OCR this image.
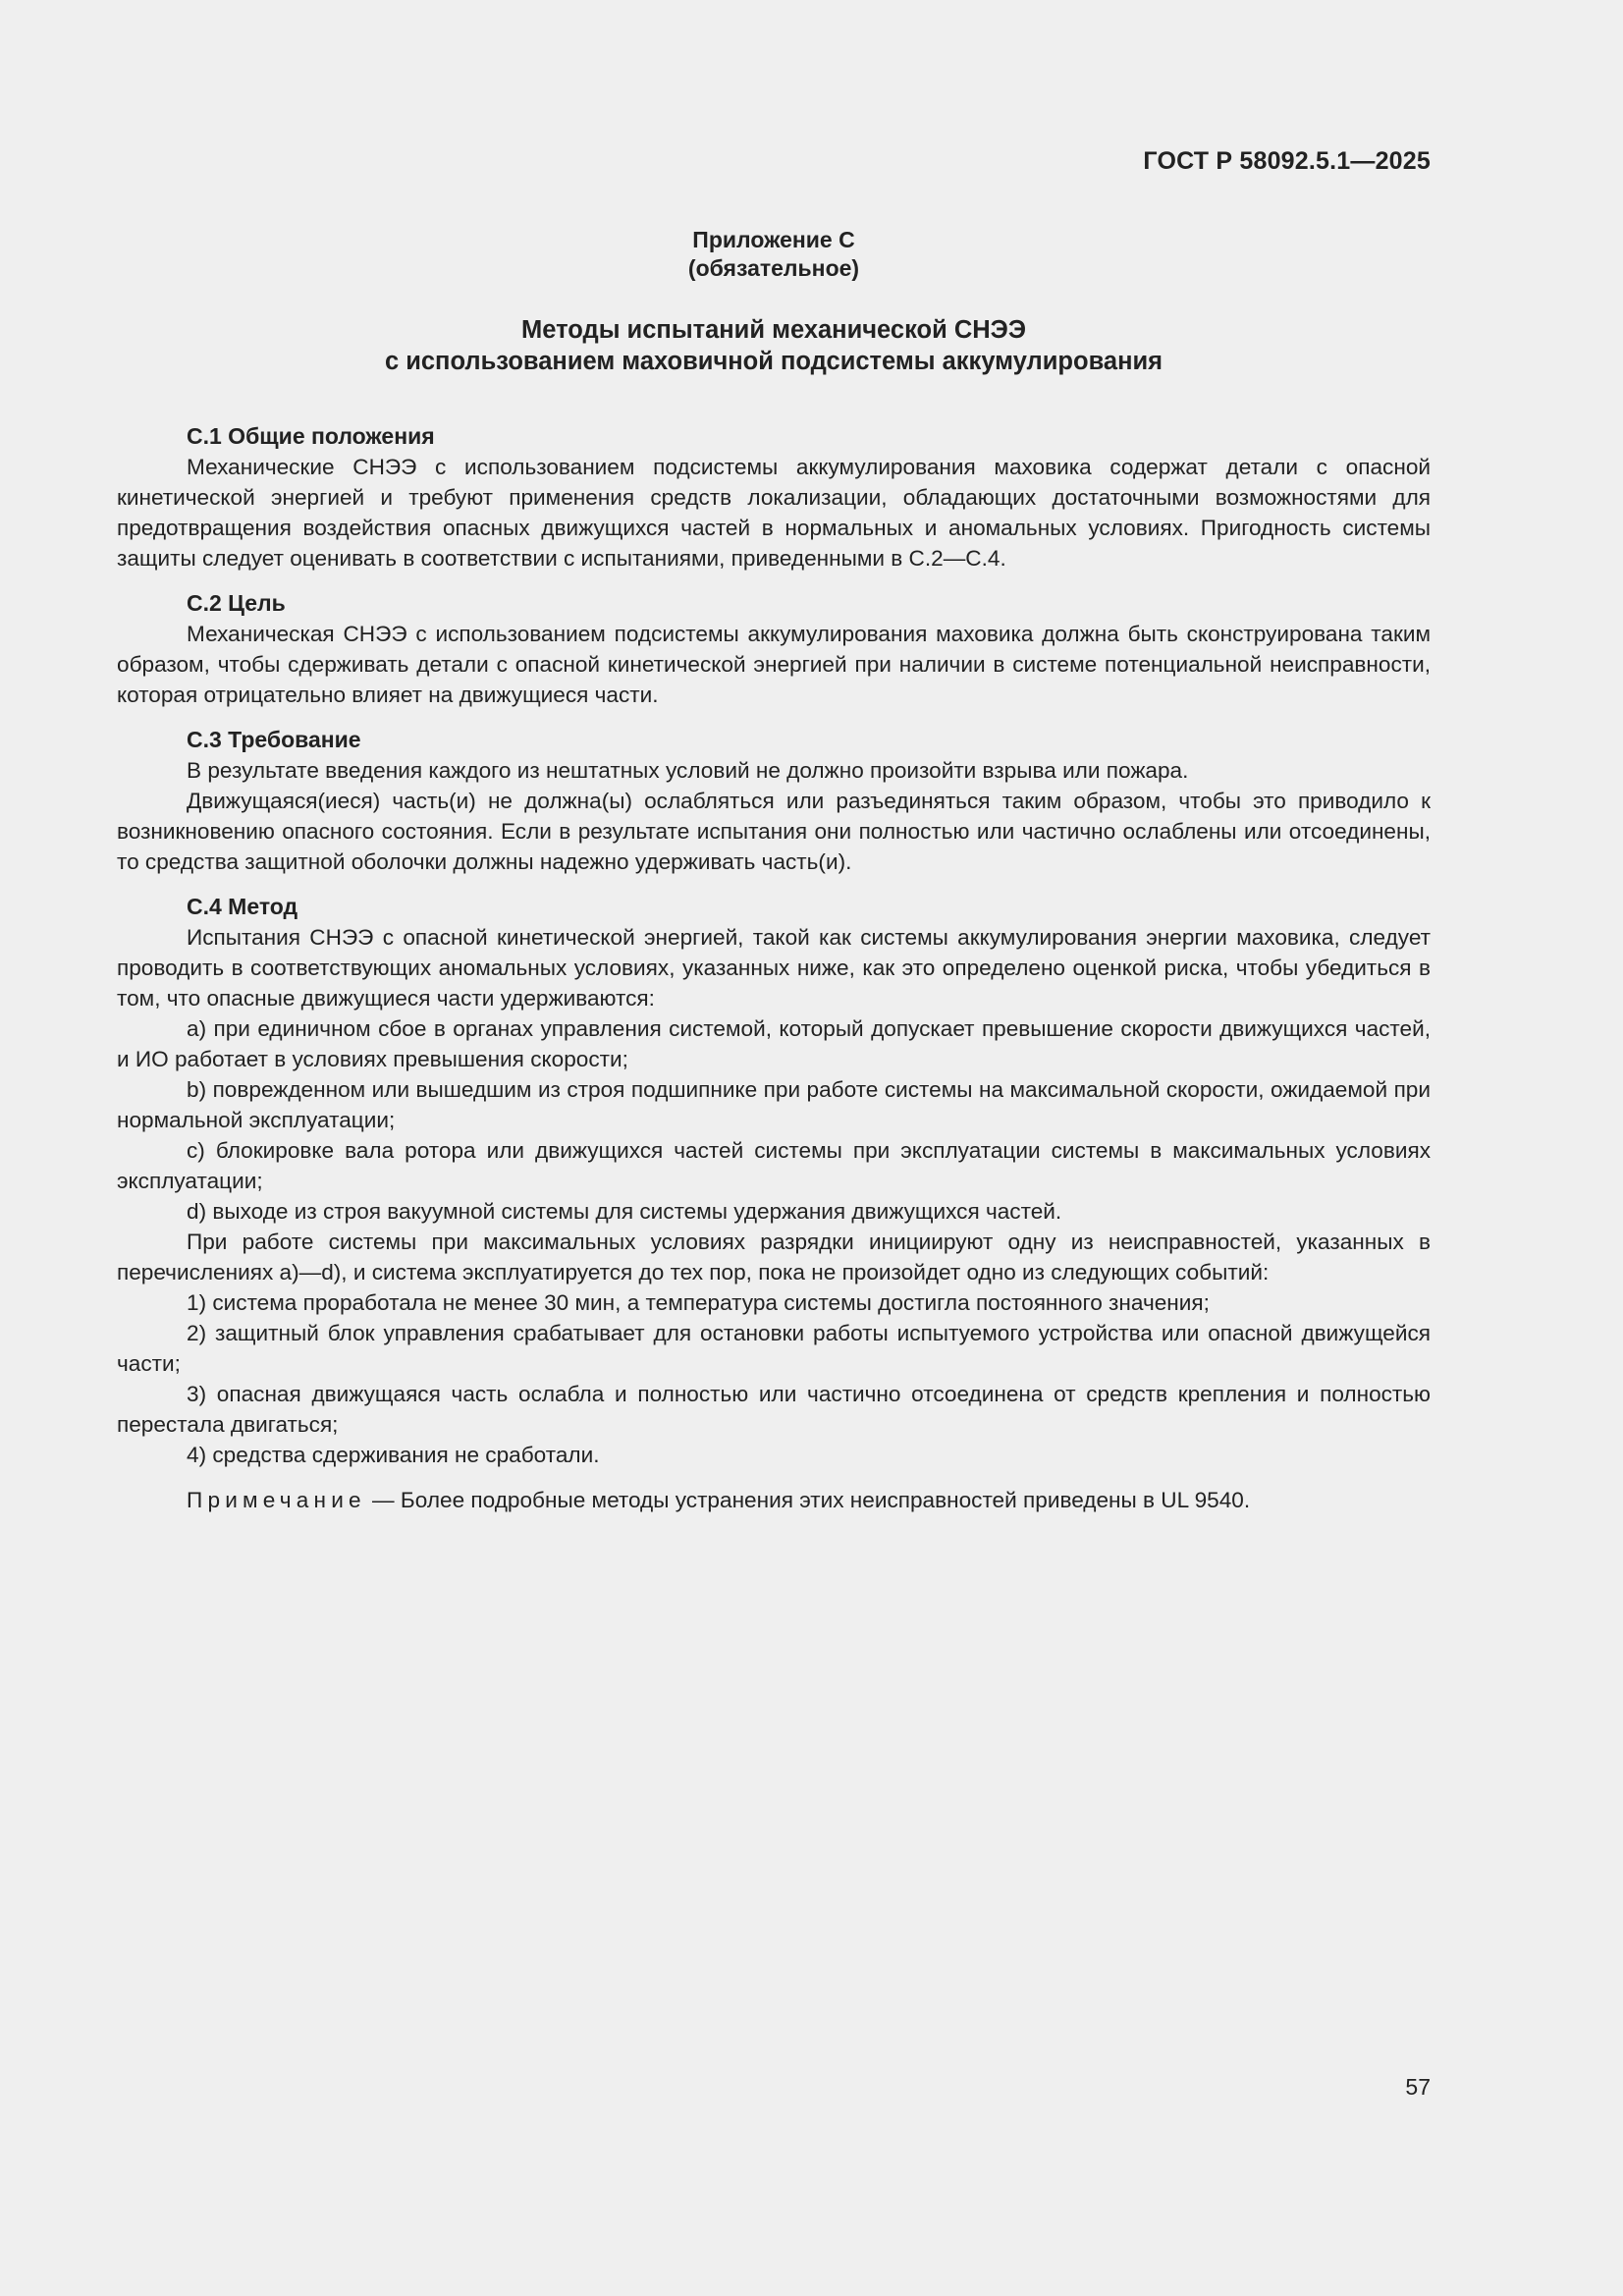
ГОСТ Р 58092.5.1—2025
Приложение С
(обязательное)
Методы испытаний механической СНЭЭ
с использованием маховичной подсистемы аккумулирования
С.1 Общие положения

Механические СНЭЭ с использованием подсистемы аккумулирования маховика содержат детали с опасной кинетической энергией и требуют применения средств локализации, обладающих достаточными возможностями для предотвращения воздействия опасных движущихся частей в нормальных и аномальных условиях. Пригодность системы защиты следует оценивать в соответствии с испытаниями, приведенными в С.2—С.4.

С.2 Цель

Механическая СНЭЭ с использованием подсистемы аккумулирования маховика должна быть сконструирована таким образом, чтобы сдерживать детали с опасной кинетической энергией при наличии в системе потенциальной неисправности, которая отрицательно влияет на движущиеся части.

С.3 Требование

В результате введения каждого из нештатных условий не должно произойти взрыва или пожара.

Движущаяся(иеся) часть(и) не должна(ы) ослабляться или разъединяться таким образом, чтобы это приводило к возникновению опасного состояния. Если в результате испытания они полностью или частично ослаблены или отсоединены, то средства защитной оболочки должны надежно удерживать часть(и).

С.4 Метод

Испытания СНЭЭ с опасной кинетической энергией, такой как системы аккумулирования энергии маховика, следует проводить в соответствующих аномальных условиях, указанных ниже, как это определено оценкой риска, чтобы убедиться в том, что опасные движущиеся части удерживаются:

a) при единичном сбое в органах управления системой, который допускает превышение скорости движущихся частей, и ИО работает в условиях превышения скорости;

b) поврежденном или вышедшим из строя подшипнике при работе системы на максимальной скорости, ожидаемой при нормальной эксплуатации;

c) блокировке вала ротора или движущихся частей системы при эксплуатации системы в максимальных условиях эксплуатации;

d) выходе из строя вакуумной системы для системы удержания движущихся частей.

При работе системы при максимальных условиях разрядки инициируют одну из неисправностей, указанных в перечислениях а)—d), и система эксплуатируется до тех пор, пока не произойдет одно из следующих событий:

1) система проработала не менее 30 мин, а температура системы достигла постоянного значения;

2) защитный блок управления срабатывает для остановки работы испытуемого устройства или опасной движущейся части;

3) опасная движущаяся часть ослабла и полностью или частично отсоединена от средств крепления и полностью перестала двигаться;

4) средства сдерживания не сработали.

Примечание — Более подробные методы устранения этих неисправностей приведены в UL 9540.
57
